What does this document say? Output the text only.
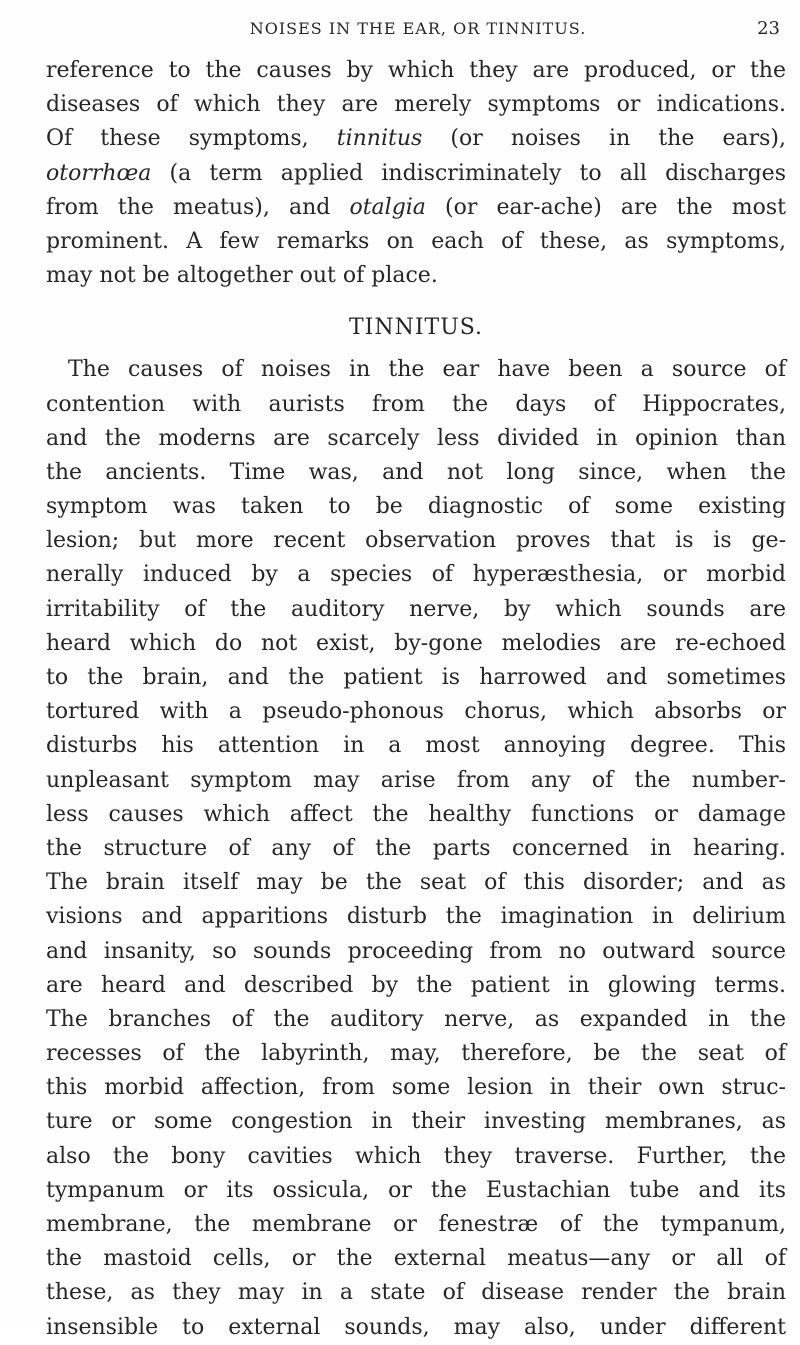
NOISES IN THE EAR, OR TINNITUS.	23
reference to the causes by which they are produced, or the
diseases of which they are merely symptoms or indications.
Of these symptoms, tinnitus (or noises in the ears),
otorrhœa (a term applied indiscriminately to all discharges
from the meatus), and otalgia (or ear-ache) are the most
prominent. A few remarks on each of these, as symptoms,
may not be altogether out of place.
TINNITUS.
The causes of noises in the ear have been a source of
contention with aurists from the days of Hippocrates,
and the moderns are scarcely less divided in opinion than
the ancients. Time was, and not long since, when the
symptom was taken to be diagnostic of some existing
lesion; but more recent observation proves that is is ge-
nerally induced by a species of hyperæsthesia, or morbid
irritability of the auditory nerve, by which sounds are
heard which do not exist, by-gone melodies are re-echoed
to the brain, and the patient is harrowed and sometimes
tortured with a pseudo-phonous chorus, which absorbs or
disturbs his attention in a most annoying degree. This
unpleasant symptom may arise from any of the number-
less causes which affect the healthy functions or damage
the structure of any of the parts concerned in hearing.
The brain itself may be the seat of this disorder; and as
visions and apparitions disturb the imagination in delirium
and insanity, so sounds proceeding from no outward source
are heard and described by the patient in glowing terms.
The branches of the auditory nerve, as expanded in the
recesses of the labyrinth, may, therefore, be the seat of
this morbid affection, from some lesion in their own struc-
ture or some congestion in their investing membranes, as
also the bony cavities which they traverse. Further, the
tympanum or its ossicula, or the Eustachian tube and its
membrane, the membrane or fenestræ of the tympanum,
the mastoid cells, or the external meatus—any or all of
these, as they may in a state of disease render the brain
insensible to external sounds, may also, under different
